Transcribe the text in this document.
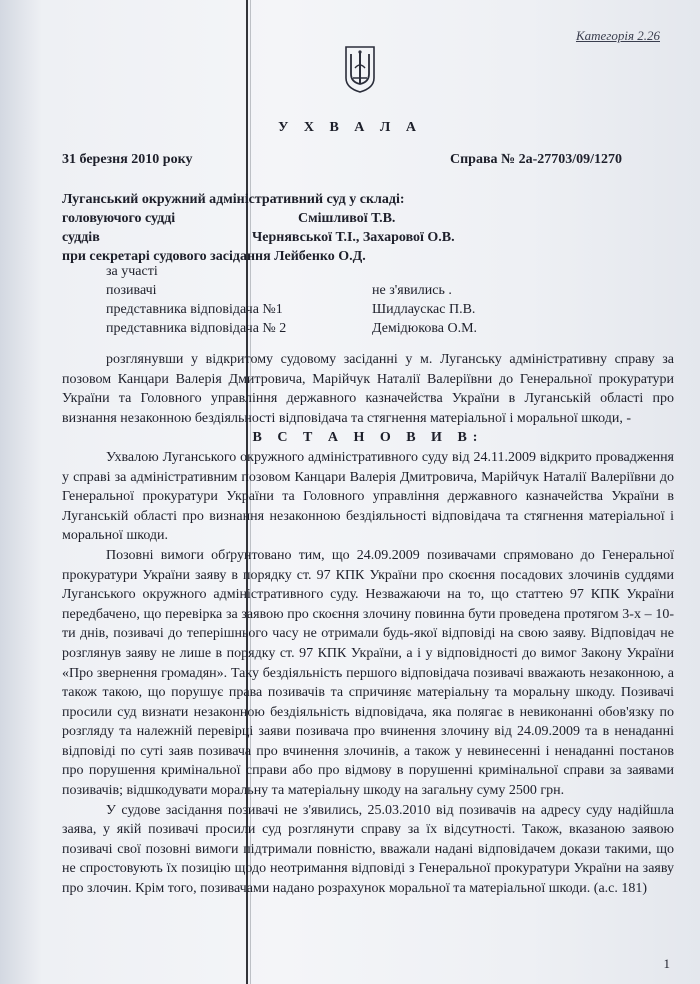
Категорія 2.26
У Х В А Л А
31 березня 2010 року	Справа № 2а-27703/09/1270
Луганський окружний адміністративний суд у складі:
головуючого судді	Смішливої Т.В.
суддів	Чернявської Т.І., Захарової О.В.
при секретарі судового засідання Лейбенко О.Д.
за участі
позивачі	не з'явились .
представника відповідача №1	Шидлаускас П.В.
представника відповідача № 2	Демідюкова О.М.

розглянувши у відкритому судовому засіданні у м. Луганську адміністративну справу за позовом Канцари Валерія Дмитровича, Марійчук Наталії Валеріївни до Генеральної прокуратури України та Головного управління державного казначейства України в Луганській області про визнання незаконною бездіяльності відповідача та стягнення матеріальної і моральної шкоди, -

В С Т А Н О В И В:

Ухвалою Луганського окружного адміністративного суду від 24.11.2009 відкрито провадження у справі за адміністративним позовом Канцари Валерія Дмитровича, Марійчук Наталії Валеріївни до Генеральної прокуратури України та Головного управління державного казначейства України в Луганській області про визнання незаконною бездіяльності відповідача та стягнення матеріальної і моральної шкоди.

Позовні вимоги обґрунтовано тим, що 24.09.2009 позивачами спрямовано до Генеральної прокуратури України заяву в порядку ст. 97 КПК України про скоєння посадових злочинів суддями Луганського окружного адміністративного суду. Незважаючи на то, що статтею 97 КПК України передбачено, що перевірка за заявою про скоєння злочину повинна бути проведена протягом 3-х – 10-ти днів, позивачі до теперішнього часу не отримали будь-якої відповіді на свою заяву. Відповідач не розглянув заяву не лише в порядку ст. 97 КПК України, а і у відповідності до вимог Закону України «Про звернення громадян». Таку бездіяльність першого відповідача позивачі вважають незаконною, а також такою, що порушує права позивачів та спричиняє матеріальну та моральну шкоду. Позивачі просили суд визнати незаконною бездіяльність відповідача, яка полягає в невиконанні обов'язку по розгляду та належній перевірці заяви позивача про вчинення злочину від 24.09.2009 та в ненаданні відповіді по суті заяв позивача про вчинення злочинів, а також у невинесенні і ненаданні постанов про порушення кримінальної справи або про відмову в порушенні кримінальної справи за заявами позивачів; відшкодувати моральну та матеріальну шкоду на загальну суму 2500 грн.

У судове засідання позивачі не з'явились, 25.03.2010 від позивачів на адресу суду надійшла заява, у якій позивачі просили суд розглянути справу за їх відсутності. Також, вказаною заявою позивачі свої позовні вимоги підтримали повністю, вважали надані відповідачем докази такими, що не спростовують їх позицію щодо неотримання відповіді з Генеральної прокуратури України на заяву про злочин. Крім того, позивачами надано розрахунок моральної та матеріальної шкоди. (а.с. 181)

1
